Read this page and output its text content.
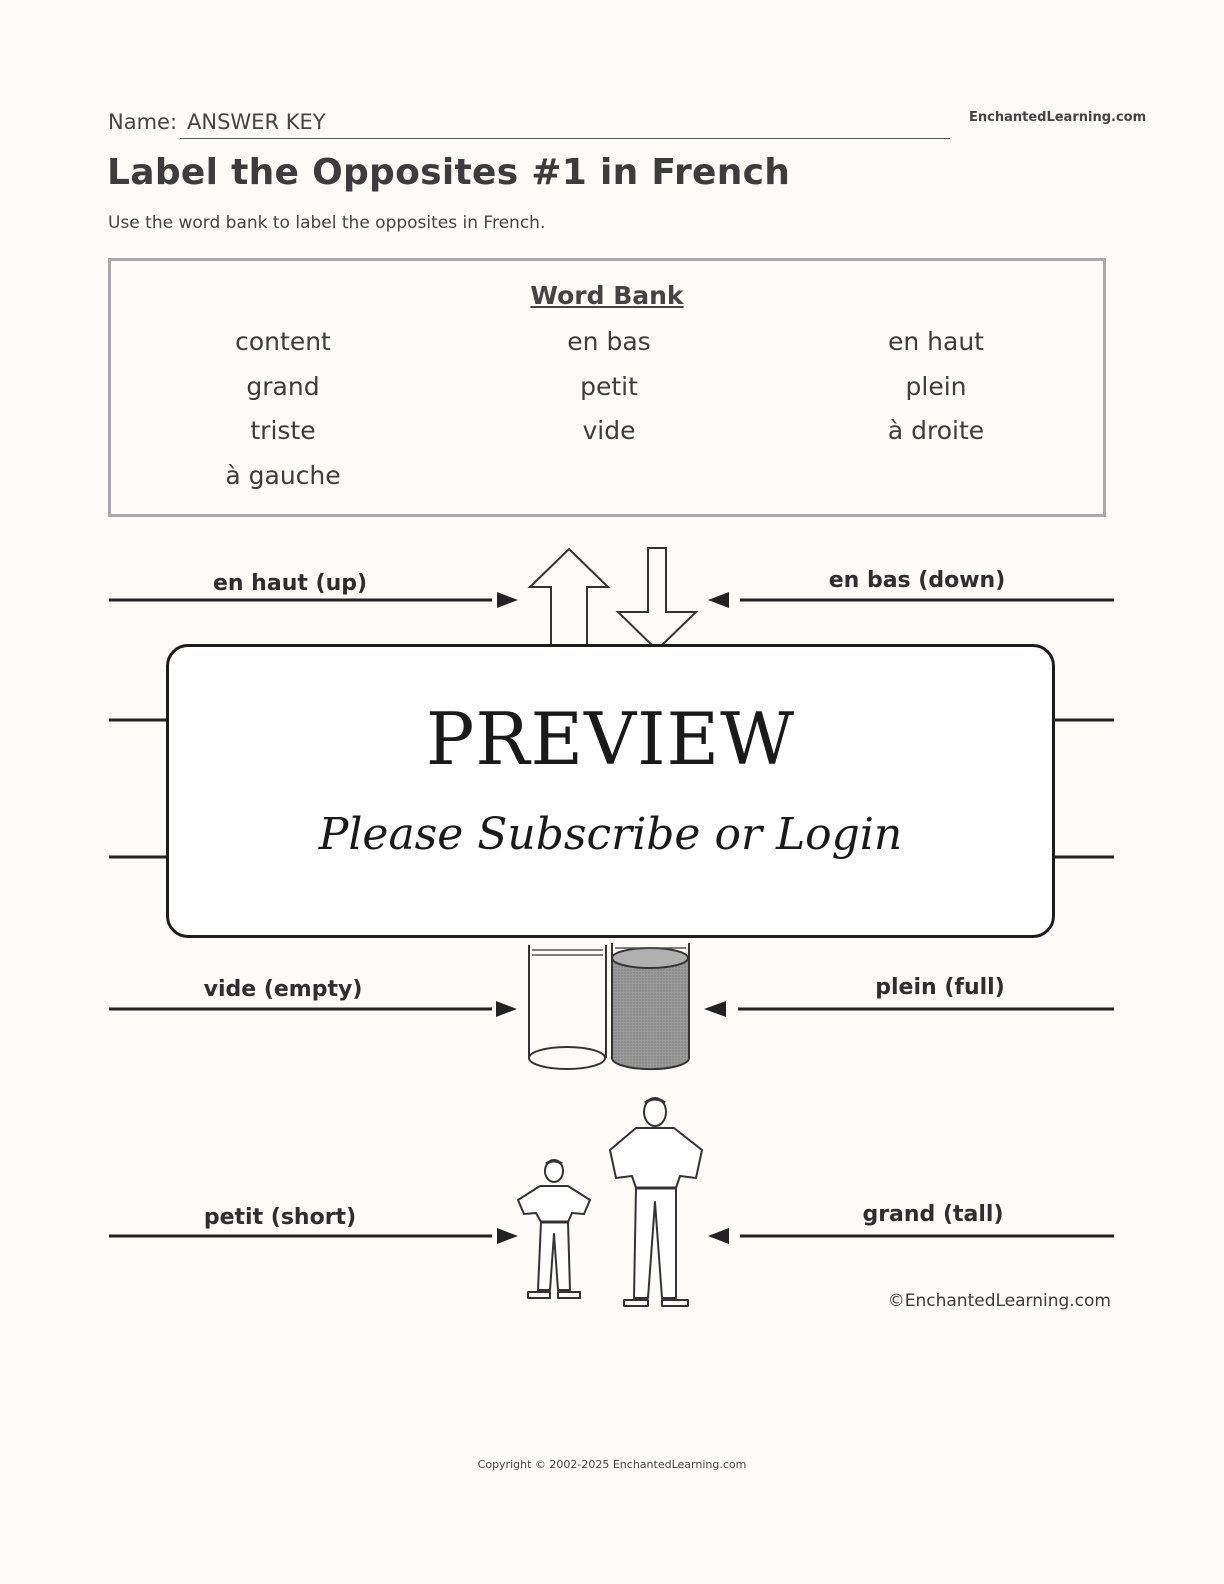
Name: ANSWER KEY	EnchantedLearning.com
Label the Opposites #1 in French
Use the word bank to label the opposites in French.
Word Bank
content	en bas	en haut
grand	petit	plein
triste	vide	à droite
à gauche
en haut (up)	en bas (down)
vide (empty)	plein (full)
petit (short)	grand (tall)
©EnchantedLearning.com
PREVIEW
Please Subscribe or Login
Copyright © 2002-2025 EnchantedLearning.com
